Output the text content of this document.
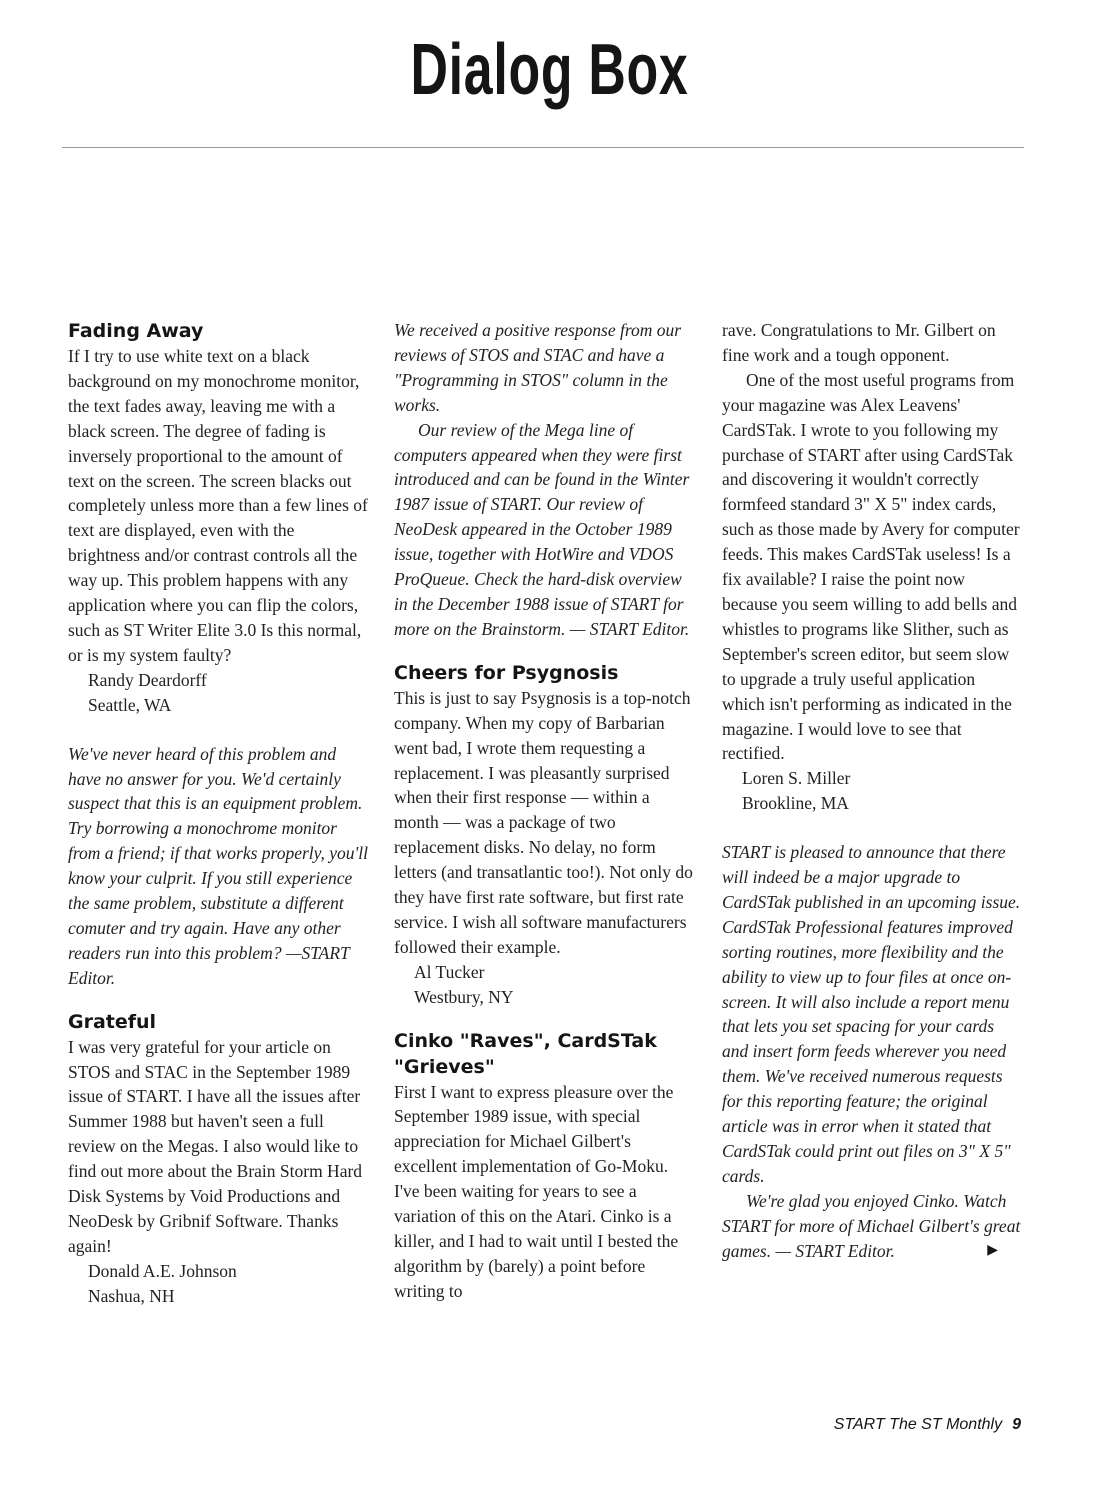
Dialog Box
Fading Away

If I try to use white text on a black background on my monochrome monitor, the text fades away, leaving me with a black screen. The degree of fading is inversely proportional to the amount of text on the screen. The screen blacks out completely unless more than a few lines of text are displayed, even with the brightness and/or contrast controls all the way up. This problem happens with any application where you can flip the colors, such as ST Writer Elite 3.0 Is this normal, or is my system faulty?

Randy Deardorff

Seattle, WA

We've never heard of this problem and have no answer for you. We'd certainly suspect that this is an equipment problem. Try borrowing a monochrome monitor from a friend; if that works properly, you'll know your culprit. If you still experience the same problem, substitute a different comuter and try again. Have any other readers run into this problem? —START Editor.

Grateful

I was very grateful for your article on STOS and STAC in the September 1989 issue of START. I have all the issues after Summer 1988 but haven't seen a full review on the Megas. I also would like to find out more about the Brain Storm Hard Disk Systems by Void Productions and NeoDesk by Gribnif Software. Thanks again!

Donald A.E. Johnson

Nashua, NH

We received a positive response from our reviews of STOS and STAC and have a "Programming in STOS" column in the works.

Our review of the Mega line of computers appeared when they were first introduced and can be found in the Winter 1987 issue of START. Our review of NeoDesk appeared in the October 1989 issue, together with HotWire and VDOS ProQueue. Check the hard-disk overview in the December 1988 issue of START for more on the Brainstorm. — START Editor.

Cheers for Psygnosis

This is just to say Psygnosis is a top-notch company. When my copy of Barbarian went bad, I wrote them requesting a replacement. I was pleasantly surprised when their first response — within a month — was a package of two replacement disks. No delay, no form letters (and transatlantic too!). Not only do they have first rate software, but first rate service. I wish all software manufacturers followed their example.

Al Tucker

Westbury, NY

Cinko "Raves", CardSTak "Grieves"

First I want to express pleasure over the September 1989 issue, with special appreciation for Michael Gilbert's excellent implementation of Go-Moku. I've been waiting for years to see a variation of this on the Atari. Cinko is a killer, and I had to wait until I bested the algorithm by (barely) a point before writing to

rave. Congratulations to Mr. Gilbert on fine work and a tough opponent.

One of the most useful programs from your magazine was Alex Leavens' CardSTak. I wrote to you following my purchase of START after using CardSTak and discovering it wouldn't correctly formfeed standard 3" X 5" index cards, such as those made by Avery for computer feeds. This makes CardSTak useless! Is a fix available? I raise the point now because you seem willing to add bells and whistles to programs like Slither, such as September's screen editor, but seem slow to upgrade a truly useful application which isn't performing as indicated in the magazine. I would love to see that rectified.

Loren S. Miller

Brookline, MA

START is pleased to announce that there will indeed be a major upgrade to CardSTak published in an upcoming issue. CardSTak Professional features improved sorting routines, more flexibility and the ability to view up to four files at once on-screen. It will also include a report menu that lets you set spacing for your cards and insert form feeds wherever you need them. We've received numerous requests for this reporting feature; the original article was in error when it stated that CardSTak could print out files on 3" X 5" cards.

We're glad you enjoyed Cinko. Watch START for more of Michael Gilbert's great games. — START Editor.	▶

START The ST Monthly 9
